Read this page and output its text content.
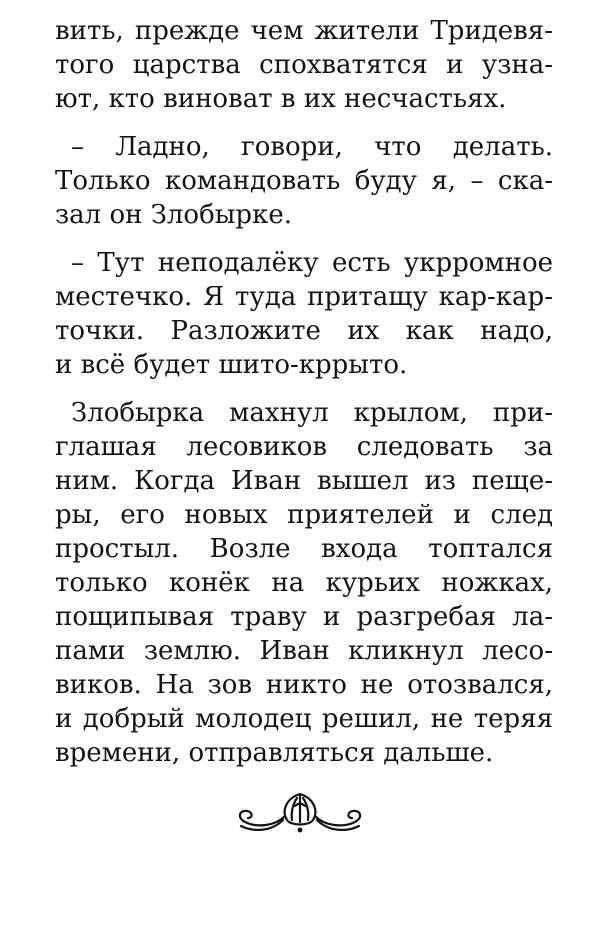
вить, прежде чем жители Тридевя-
того царства спохватятся и узна-
ют, кто виноват в их несчастьях.

– Ладно, говори, что делать.
Только командовать буду я, – ска-
зал он Злобырке.

– Тут неподалёку есть укрромное
местечко. Я туда притащу кар-кар-
точки. Разложите их как надо,
и всё будет шито-кррыто.

Злобырка махнул крылом, при-
глашая лесовиков следовать за
ним. Когда Иван вышел из пеще-
ры, его новых приятелей и след
простыл. Возле входа топтался
только конёк на курьих ножках,
пощипывая траву и разгребая ла-
пами землю. Иван кликнул лесо-
виков. На зов никто не отозвался,
и добрый молодец решил, не теряя
времени, отправляться дальше.
